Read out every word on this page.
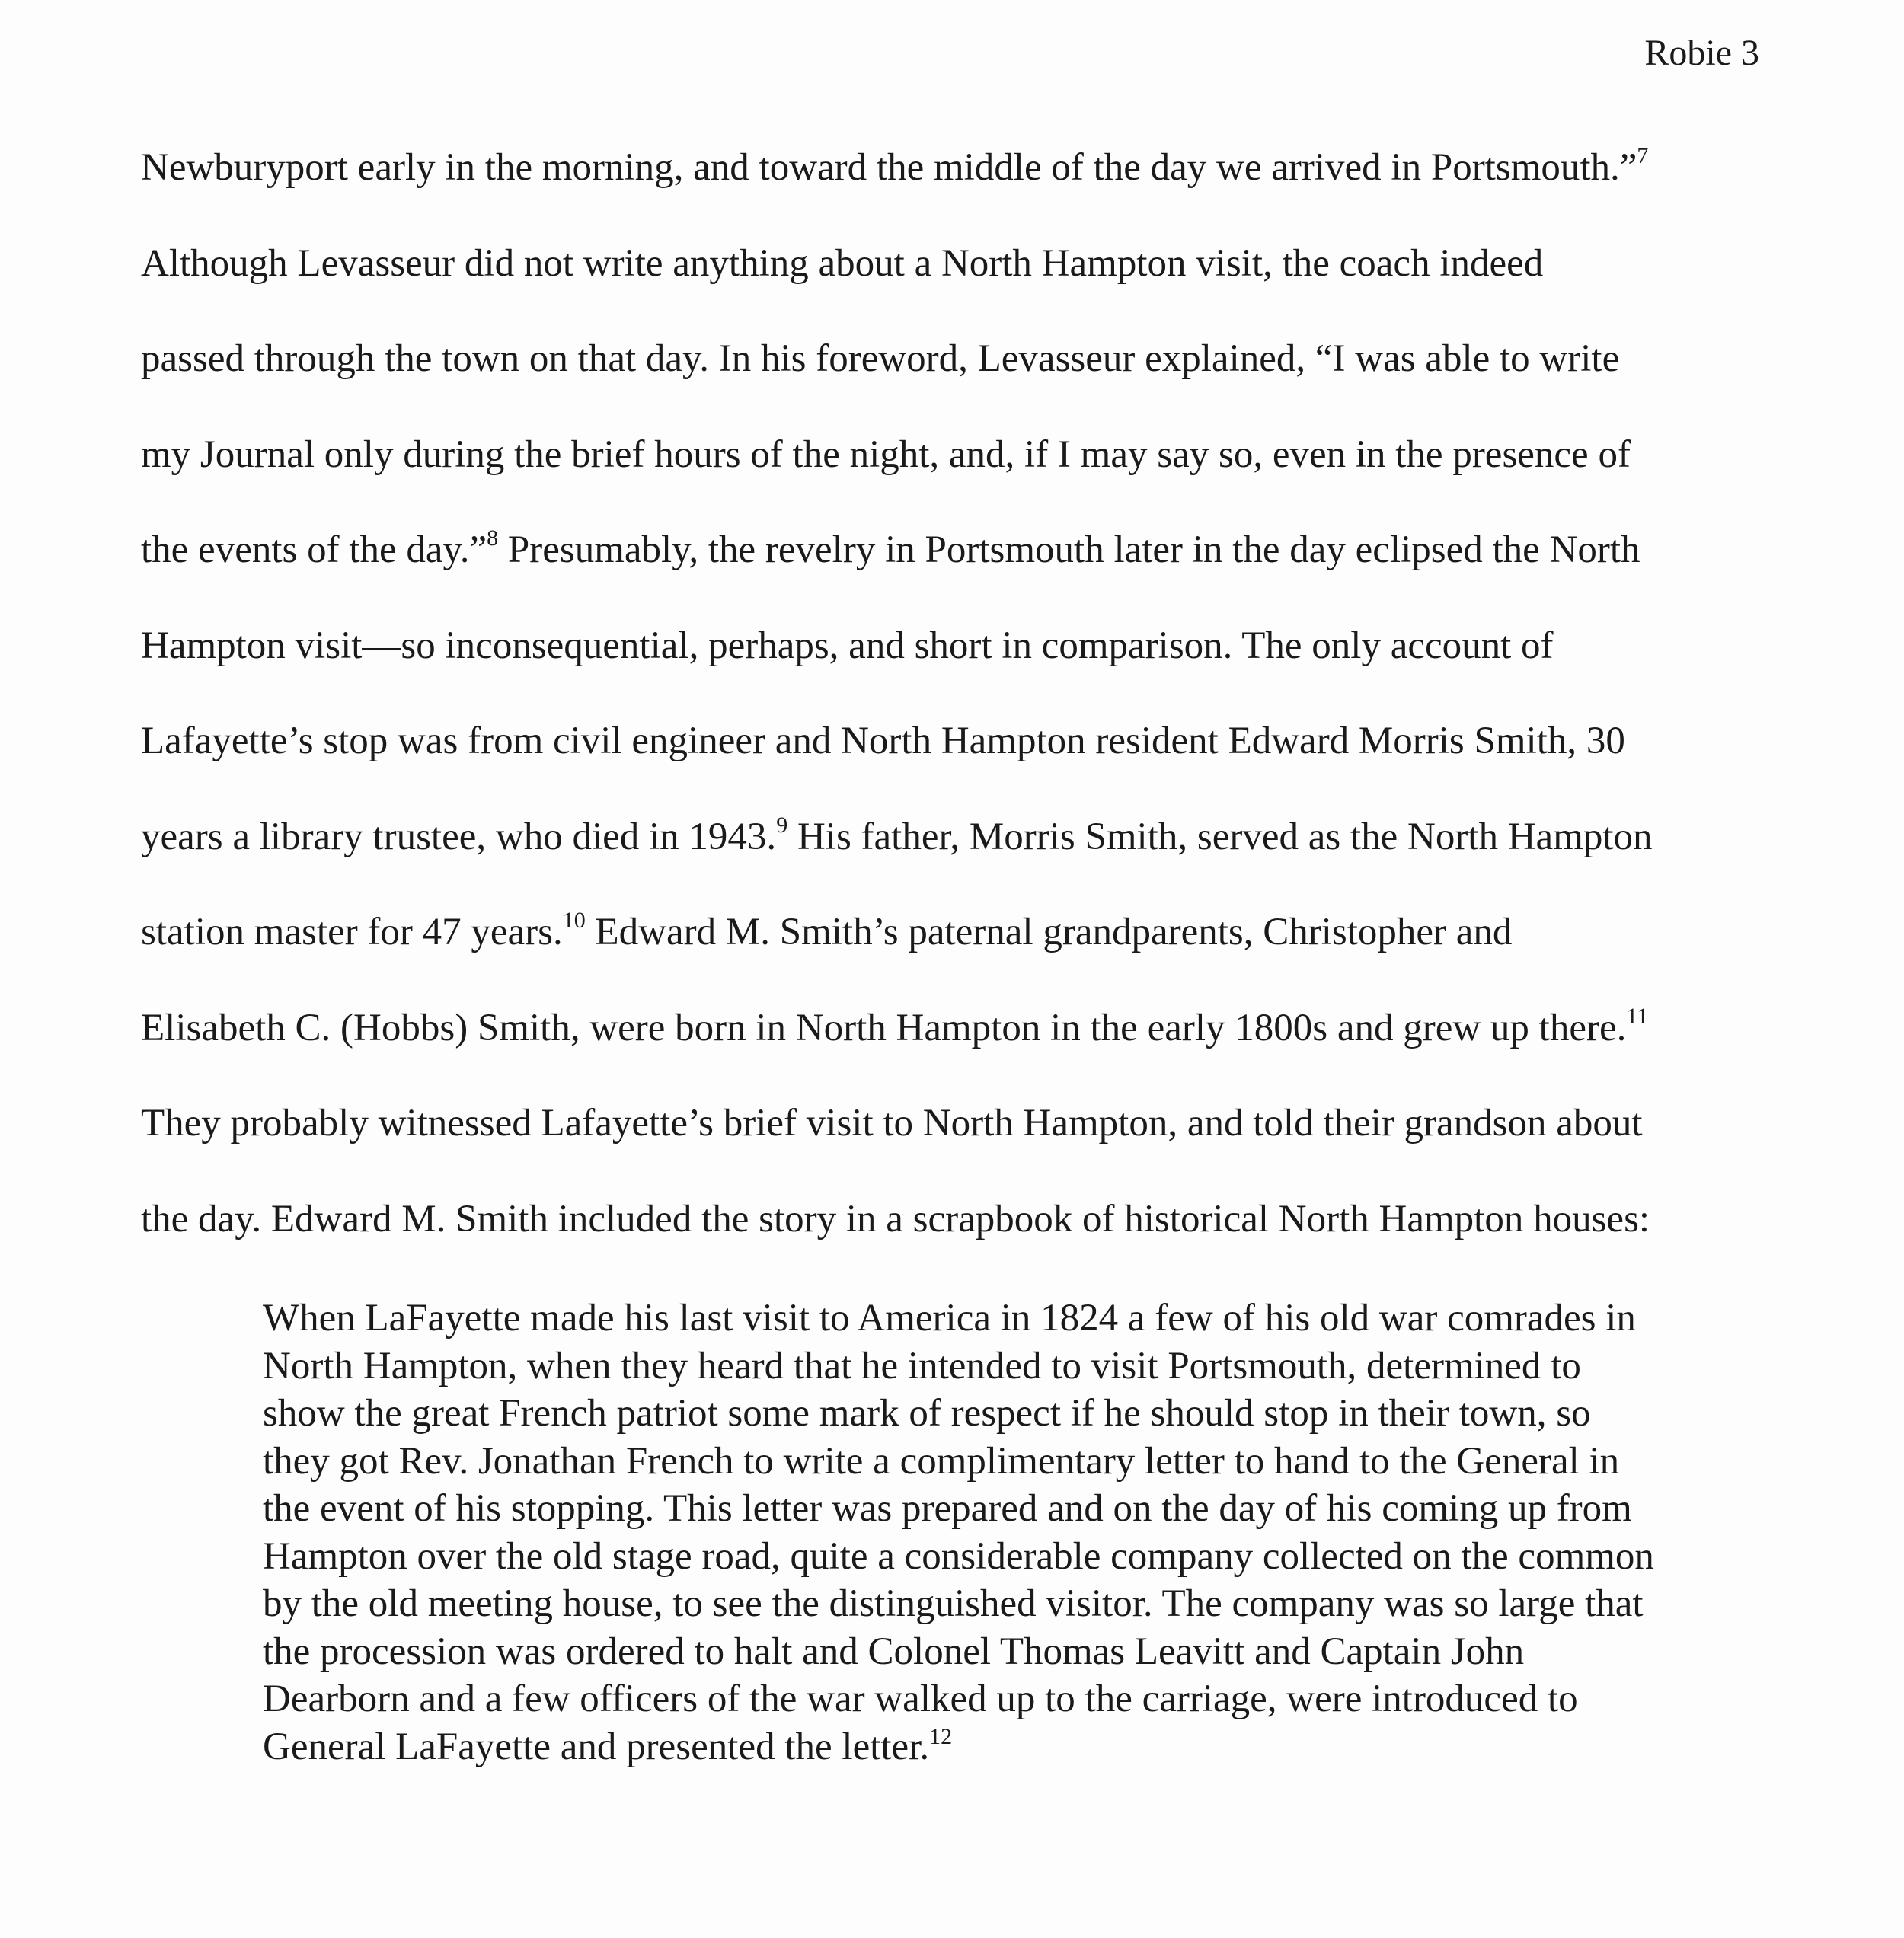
Robie 3
Newburyport early in the morning, and toward the middle of the day we arrived in Portsmouth.”$^7$
Although Levasseur did not write anything about a North Hampton visit, the coach indeed
passed through the town on that day. In his foreword, Levasseur explained, “I was able to write
my Journal only during the brief hours of the night, and, if I may say so, even in the presence of
the events of the day.”$^8$ Presumably, the revelry in Portsmouth later in the day eclipsed the North
Hampton visit—so inconsequential, perhaps, and short in comparison. The only account of
Lafayette’s stop was from civil engineer and North Hampton resident Edward Morris Smith, 30
years a library trustee, who died in 1943.$^9$ His father, Morris Smith, served as the North Hampton
station master for 47 years.$^{10}$ Edward M. Smith’s paternal grandparents, Christopher and
Elisabeth C. (Hobbs) Smith, were born in North Hampton in the early 1800s and grew up there.$^{11}$
They probably witnessed Lafayette’s brief visit to North Hampton, and told their grandson about
the day. Edward M. Smith included the story in a scrapbook of historical North Hampton houses:
When LaFayette made his last visit to America in 1824 a few of his old war comrades in
North Hampton, when they heard that he intended to visit Portsmouth, determined to
show the great French patriot some mark of respect if he should stop in their town, so
they got Rev. Jonathan French to write a complimentary letter to hand to the General in
the event of his stopping. This letter was prepared and on the day of his coming up from
Hampton over the old stage road, quite a considerable company collected on the common
by the old meeting house, to see the distinguished visitor. The company was so large that
the procession was ordered to halt and Colonel Thomas Leavitt and Captain John
Dearborn and a few officers of the war walked up to the carriage, were introduced to
General LaFayette and presented the letter.$^{12}$
